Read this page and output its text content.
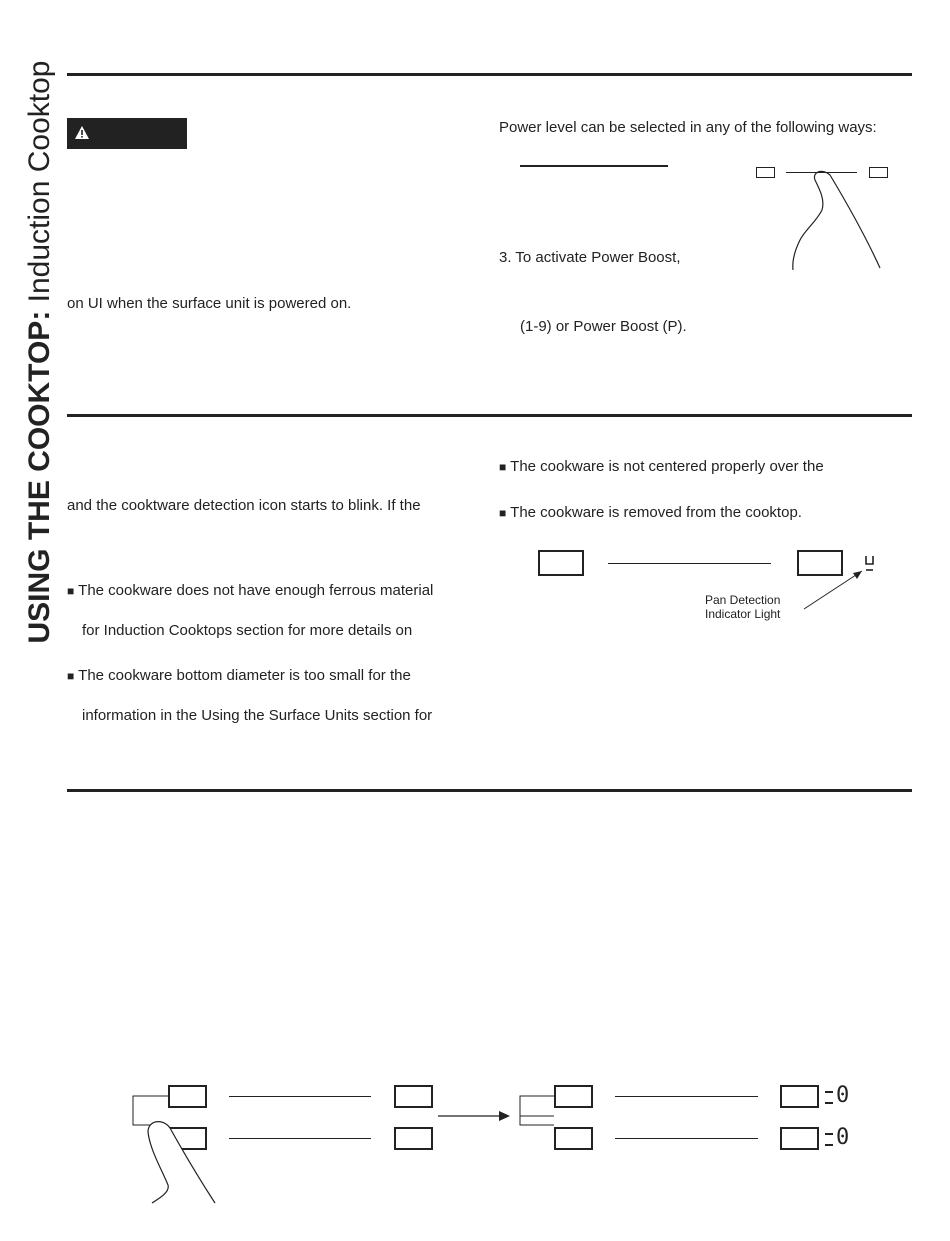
USING THE COOKTOP: Induction Cooktop on UI when the surface unit is powered on.
Power level can be selected in any of the following ways:
3. To activate Power Boost,
(1-9) or Power Boost (P).
and the cooktware detection icon starts to blink. If the
■ The cookware does not have enough ferrous material
for Induction Cooktops section for more details on
■ The cookware bottom diameter is too small for the
information in the Using the Surface Units section for
■ The cookware is not centered properly over the
■ The cookware is removed from the cooktop.
Pan Detection
Indicator Light
0
0
